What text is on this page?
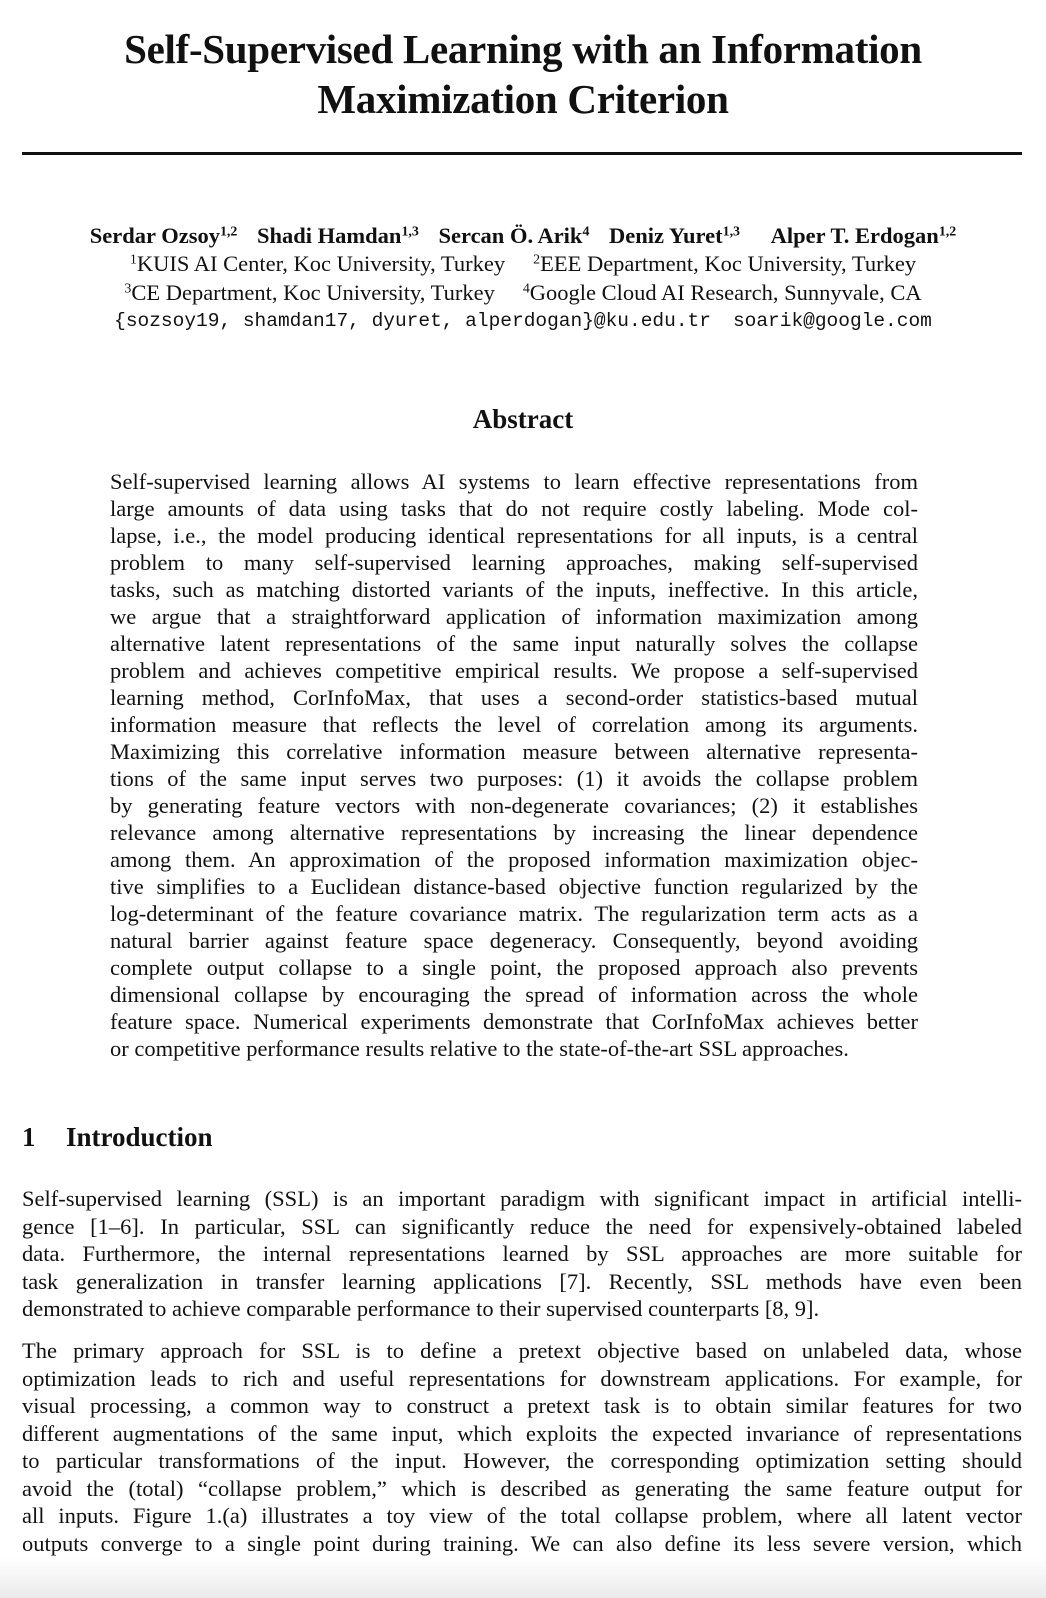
Self-Supervised Learning with an Information
Maximization Criterion
Serdar Ozsoy$^{1,2}$ Shadi Hamdan$^{1,3}$ Sercan Ö. Arik$^4$ Deniz Yuret$^{1,3}$ Alper T. Erdogan$^{1,2}$
$^1$KUIS AI Center, Koc University, Turkey $^2$EEE Department, Koc University, Turkey
$^3$CE Department, Koc University, Turkey $^4$Google Cloud AI Research, Sunnyvale, CA
{sozsoy19, shamdan17, dyuret, alperdogan}@ku.edu.tr soarik@google.com
Abstract
Self-supervised learning allows AI systems to learn effective representations from
large amounts of data using tasks that do not require costly labeling. Mode col-
lapse, i.e., the model producing identical representations for all inputs, is a central
problem to many self-supervised learning approaches, making self-supervised
tasks, such as matching distorted variants of the inputs, ineffective. In this article,
we argue that a straightforward application of information maximization among
alternative latent representations of the same input naturally solves the collapse
problem and achieves competitive empirical results. We propose a self-supervised
learning method, CorInfoMax, that uses a second-order statistics-based mutual
information measure that reflects the level of correlation among its arguments.
Maximizing this correlative information measure between alternative representa-
tions of the same input serves two purposes: (1) it avoids the collapse problem
by generating feature vectors with non-degenerate covariances; (2) it establishes
relevance among alternative representations by increasing the linear dependence
among them. An approximation of the proposed information maximization objec-
tive simplifies to a Euclidean distance-based objective function regularized by the
log-determinant of the feature covariance matrix. The regularization term acts as a
natural barrier against feature space degeneracy. Consequently, beyond avoiding
complete output collapse to a single point, the proposed approach also prevents
dimensional collapse by encouraging the spread of information across the whole
feature space. Numerical experiments demonstrate that CorInfoMax achieves better
or competitive performance results relative to the state-of-the-art SSL approaches.
1 Introduction
Self-supervised learning (SSL) is an important paradigm with significant impact in artificial intelli-
gence [1–6]. In particular, SSL can significantly reduce the need for expensively-obtained labeled
data. Furthermore, the internal representations learned by SSL approaches are more suitable for
task generalization in transfer learning applications [7]. Recently, SSL methods have even been
demonstrated to achieve comparable performance to their supervised counterparts [8, 9].
The primary approach for SSL is to define a pretext objective based on unlabeled data, whose
optimization leads to rich and useful representations for downstream applications. For example, for
visual processing, a common way to construct a pretext task is to obtain similar features for two
different augmentations of the same input, which exploits the expected invariance of representations
to particular transformations of the input. However, the corresponding optimization setting should
avoid the (total) “collapse problem,” which is described as generating the same feature output for
all inputs. Figure 1.(a) illustrates a toy view of the total collapse problem, where all latent vector
outputs converge to a single point during training. We can also define its less severe version, which
